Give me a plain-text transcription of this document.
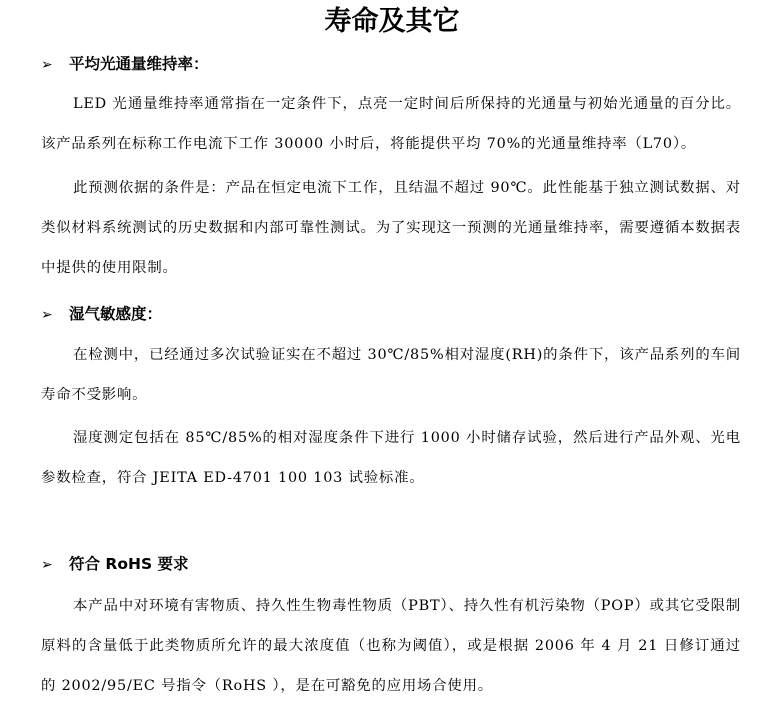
寿命及其它
➢ 平均光通量维持率：
LED 光通量维持率通常指在一定条件下，点亮一定时间后所保持的光通量与初始光通量的百分比。该产品系列在标称工作电流下工作 30000 小时后，将能提供平均 70%的光通量维持率（L70）。
此预测依据的条件是：产品在恒定电流下工作，且结温不超过 90℃。此性能基于独立测试数据、对类似材料系统测试的历史数据和内部可靠性测试。为了实现这一预测的光通量维持率，需要遵循本数据表中提供的使用限制。
➢ 湿气敏感度：
在检测中，已经通过多次试验证实在不超过 30℃/85%相对湿度(RH)的条件下，该产品系列的车间寿命不受影响。
湿度测定包括在 85℃/85%的相对湿度条件下进行 1000 小时储存试验，然后进行产品外观、光电参数检查，符合 JEITA ED-4701 100 103 试验标准。
➢ 符合 RoHS 要求
本产品中对环境有害物质、持久性生物毒性物质（PBT）、持久性有机污染物（POP）或其它受限制原料的含量低于此类物质所允许的最大浓度值（也称为阈值），或是根据 2006 年 4 月 21 日修订通过的 2002/95/EC 号指令（RoHS ），是在可豁免的应用场合使用。
